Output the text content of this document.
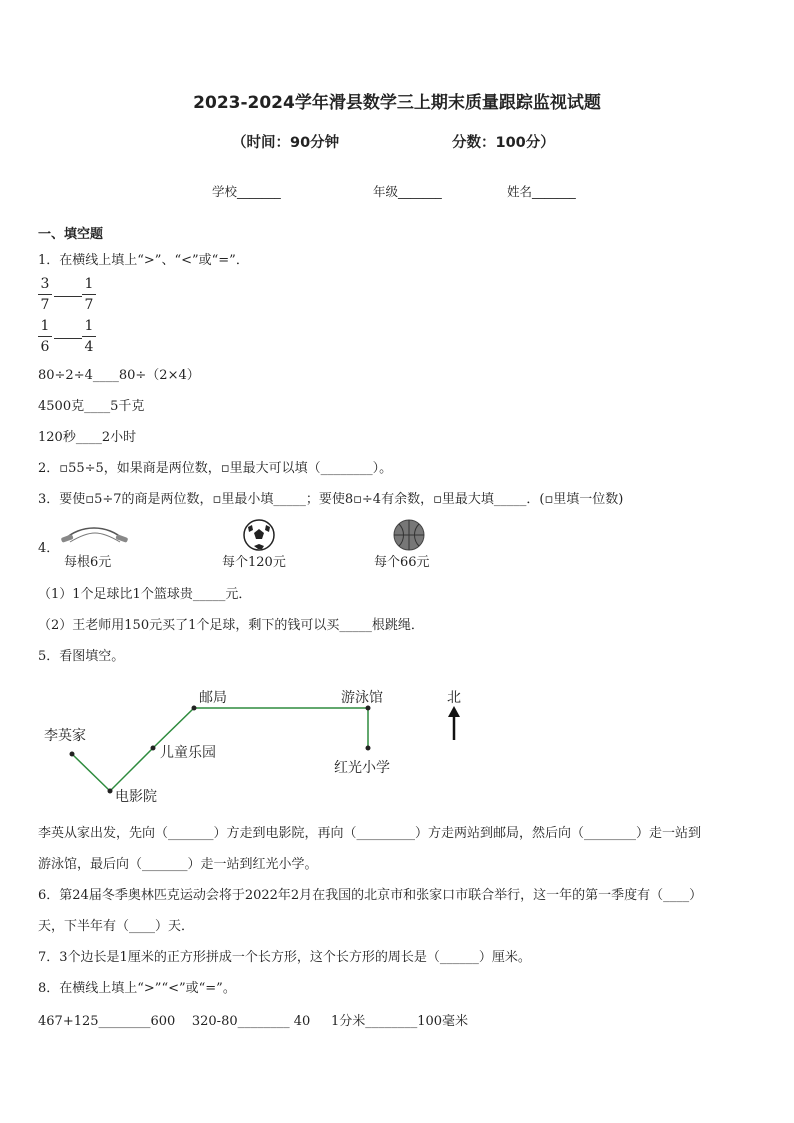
2023-2024学年滑县数学三上期末质量跟踪监视试题
（时间：90分钟	分数：100分）
学校_______	年级_______	姓名_______
一、填空题
1．在横线上填上“>”、“<”或“=”．
3
7
1
7
1
6
1
4
80÷2÷4____80÷（2×4）
4500克____5千克
120秒____2小时
2．▫55÷5，如果商是两位数，▫里最大可以填（________）。
3．要使▫5÷7的商是两位数，▫里最小填_____；要使8▫÷4有余数，▫里最大填_____．(▫里填一位数)
4．
每根6元	每个120元	每个66元
（1）1个足球比1个篮球贵_____元．
（2）王老师用150元买了1个足球，剩下的钱可以买_____根跳绳．
5．看图填空。
李英家
电影院
儿童乐园
邮局	游泳馆
红光小学
北
李英从家出发，先向（_______）方走到电影院，再向（_________）方走两站到邮局，然后向（________）走一站到
游泳馆，最后向（_______）走一站到红光小学。
6．第24届冬季奥林匹克运动会将于2022年2月在我国的北京市和张家口市联合举行，这一年的第一季度有（____）
天，下半年有（____）天．
7．3个边长是1厘米的正方形拼成一个长方形，这个长方形的周长是（______）厘米。
8．在横线上填上“>”“<”或“=”。
467+125________600    320-80________ 40     1分米________100毫米
